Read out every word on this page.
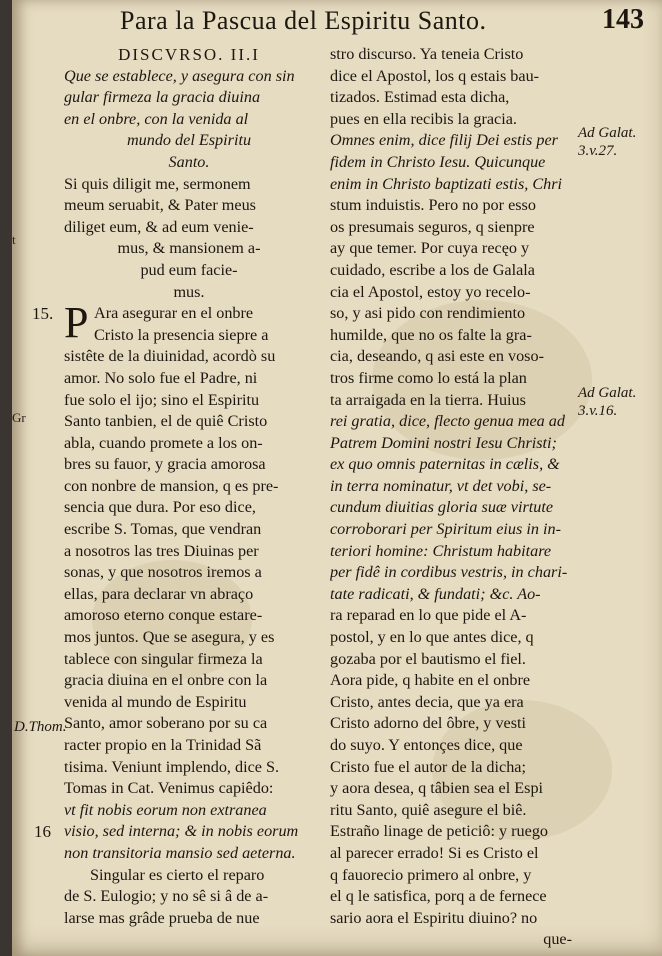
Para la Pascua del Espiritu Santo.	143
Gr
t
DISCVRSO. II.I
Que se establece, y asegura con sin
gular firmeza la gracia diuina
en el onbre, con la venida al
mundo del Espiritu
Santo.
Si quis diligit me, sermonem
meum seruabit, & Pater meus
diliget eum, & ad eum venie-
mus, & mansionem a-
pud eum facie-
mus.
P Ara asegurar en el onbre
Cristo la presencia siepre a
sistête de la diuinidad, acordò su
amor. No solo fue el Padre, ni
fue solo el ijo; sino el Espiritu
Santo tanbien, el de quiê Cristo
abla, cuando promete a los on-
bres su fauor, y gracia amorosa
con nonbre de mansion, q es pre-
sencia que dura. Por eso dice,
escribe S. Tomas, que vendran
a nosotros las tres Diuinas per
sonas, y que nosotros iremos a
ellas, para declarar vn abraço
amoroso eterno conque estare-
mos juntos. Que se asegura, y es
tablece con singular firmeza la
gracia diuina en el onbre con la
venida al mundo de Espiritu
Santo, amor soberano por su ca
racter propio en la Trinidad Sã
tisima. Veniunt implendo, dice S.
Tomas in Cat. Venimus capiêdo:
vt fit nobis eorum non extranea
visio, sed interna; & in nobis eorum
non transitoria mansio sed aeterna.
Singular es cierto el reparo
de S. Eulogio; y no sê si â de a-
larse mas grâde prueba de nue
15.
16
D.Thom.
stro discurso. Ya tenеia Cristo
dicе el Apostol, los q estais bau-
tizados. Estimad esta dicha,
pues en ella recibis la gracia.
Omnes enim, dice filij Dei estis per
fidem in Christo Iesu. Quicunque
enim in Christo baptizati estis, Chri
stum induistis. Pero no por esso
os presumais seguros, q sienpre
ay que temer. Por cuya recęo y
cuidado, escribe a los de Galala
cia el Apostol, estoy yo recelo-
so, y asi pido con rendimiento
humilde, que no os falte la gra-
cia, deseando, q asi este en voso-
tros firme como lo está la plan
ta arraigada en la tierra. Huius
rei gratia, dice, flecto genua mea ad
Patrem Domini nostri Iesu Christi;
ex quo omnis paternitas in cælis, &
in terra nominatur, vt det vobi, se-
cundum diuitias gloria suæ virtute
corroborari per Spiritum eius in in-
teriori homine: Christum habitare
per fidê in cordibus vestris, in chari-
tate radicati, & fundati; &c. Ao-
ra reparad en lo que pide el A-
postol, y en lo que antes dice, q
gozaba por el bautismo el fiel.
Aora pide, q habite en el onbre
Cristo, antes decia, que ya era
Cristo adorno del ôbre, y vesti
do suyo. Y entonçes dice, que
Cristo fue el autor de la dicha;
y aora desea, q tâbien sea el Espi
ritu Santo, quiê asegure el biê.
Estraño linage de peticiô: y ruego
al parecer errado! Si es Cristo el
q fauorecio primero al onbre, y
el q le satisfica, porq a de fernece
sario aora el Espiritu diuino? no
que-
Ad Galat.
3.v.27.
Ad Galat.
3.v.16.
